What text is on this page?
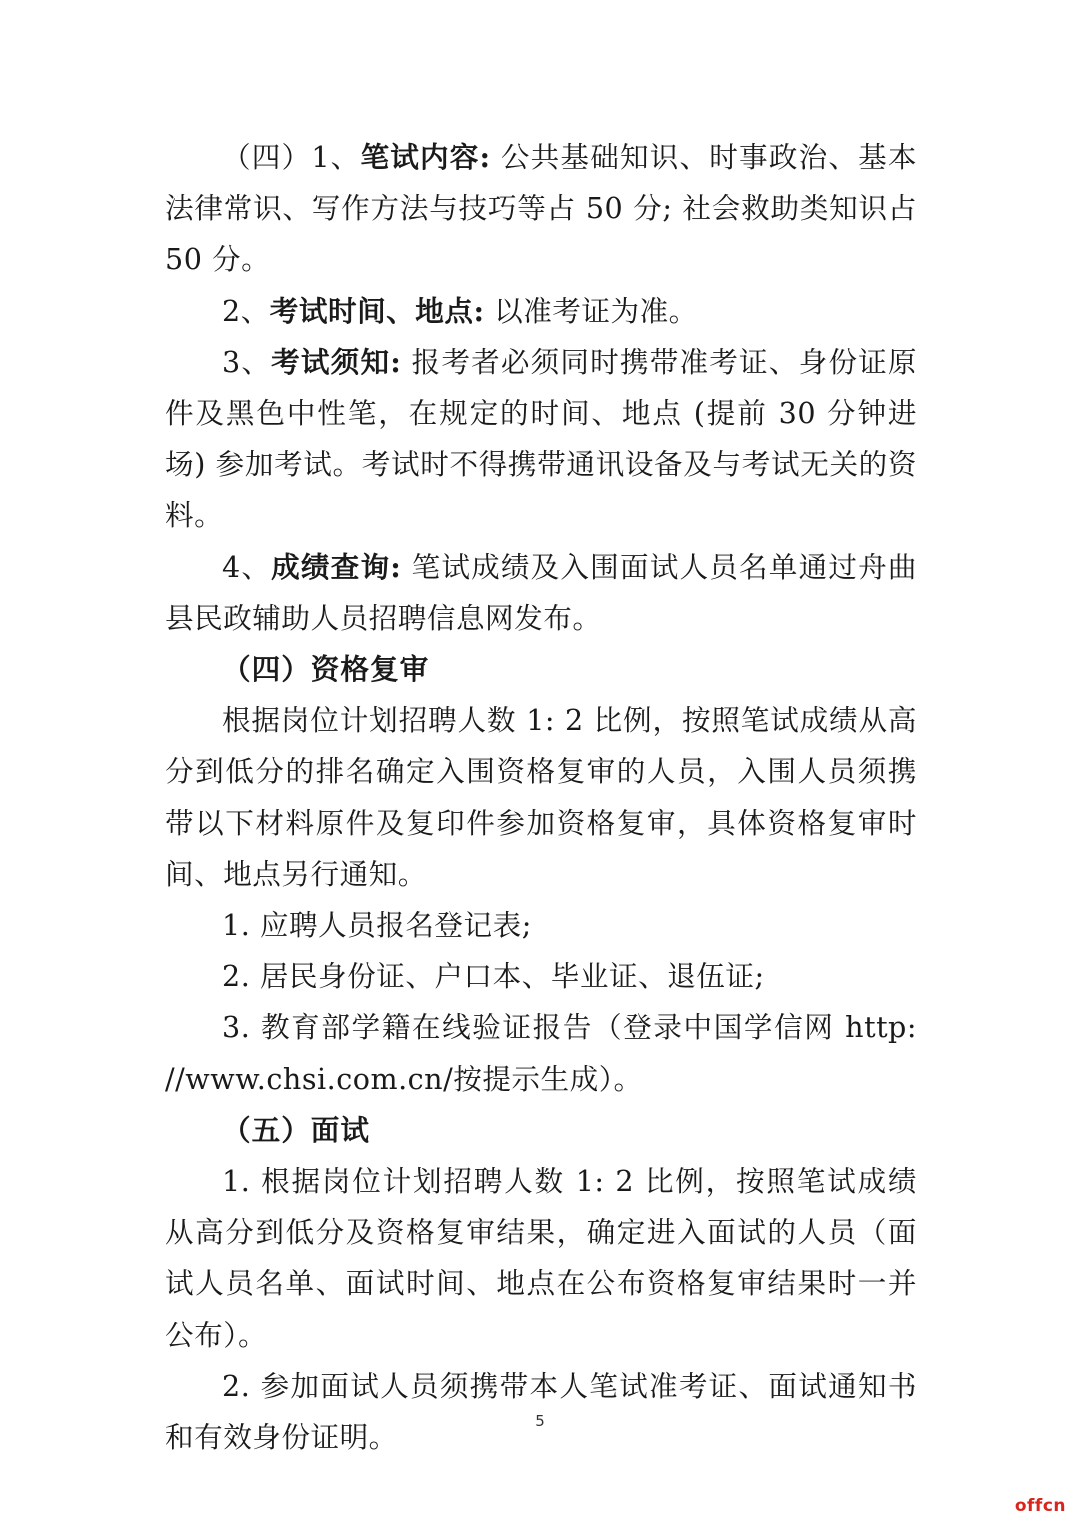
（四）1、笔试内容: 公共基础知识、时事政治、基本法律常识、写作方法与技巧等占 50 分; 社会救助类知识占 50 分。

2、考试时间、地点: 以准考证为准。

3、考试须知: 报考者必须同时携带准考证、身份证原件及黑色中性笔，在规定的时间、地点 (提前 30 分钟进场) 参加考试。考试时不得携带通讯设备及与考试无关的资料。

4、成绩查询: 笔试成绩及入围面试人员名单通过舟曲县民政辅助人员招聘信息网发布。

（四）资格复审

根据岗位计划招聘人数 1: 2 比例，按照笔试成绩从高分到低分的排名确定入围资格复审的人员，入围人员须携带以下材料原件及复印件参加资格复审，具体资格复审时间、地点另行通知。

1. 应聘人员报名登记表;

2. 居民身份证、户口本、毕业证、退伍证;

3. 教育部学籍在线验证报告（登录中国学信网 http: //www.chsi.com.cn/按提示生成）。

（五）面试

1. 根据岗位计划招聘人数 1: 2 比例，按照笔试成绩从高分到低分及资格复审结果，确定进入面试的人员（面试人员名单、面试时间、地点在公布资格复审结果时一并公布）。

2. 参加面试人员须携带本人笔试准考证、面试通知书和有效身份证明。	5
offcn
